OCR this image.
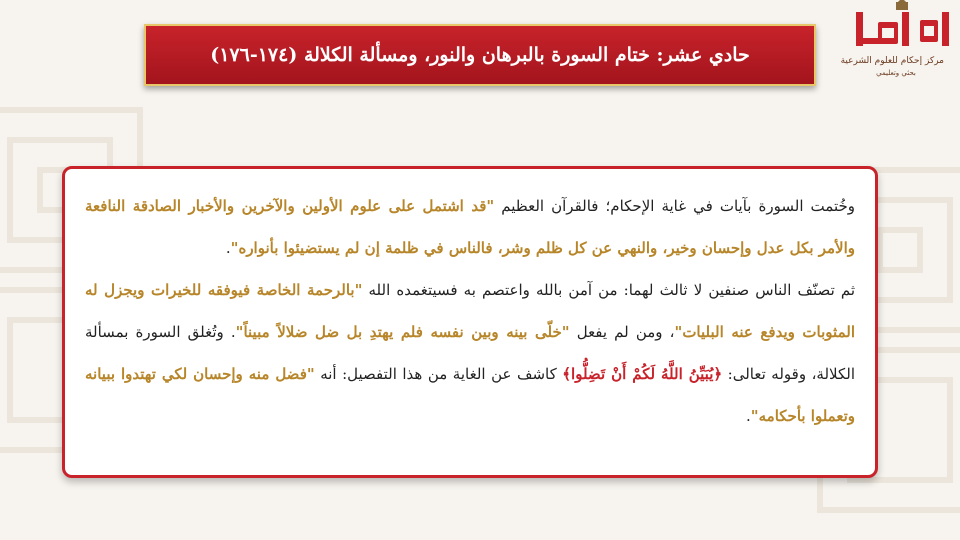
مركز إحكام للعلوم الشرعية
بحثي وتعليمي
حادي عشر: ختام السورة بالبرهان والنور، ومسألة الكلالة (١٧٤-١٧٦)

وخُتمت السورة بآيات في غاية الإحكام؛ فالقرآن العظيم "قد اشتمل على علوم الأولين والآخرين والأخبار الصادقة النافعة والأمر بكل عدل وإحسان وخير، والنهي عن كل ظلم وشر، فالناس في ظلمة إن لم يستضيئوا بأنواره".

ثم تصنّف الناس صنفين لا ثالث لهما: من آمن بالله واعتصم به فسيتغمده الله "بالرحمة الخاصة فيوفقه للخيرات ويجزل له المثوبات ويدفع عنه البليات"، ومن لم يفعل "خلّى بينه وبين نفسه فلم يهتدِ بل ضل ضلالاً مبيناً". وتُغلق السورة بمسألة الكلالة، وقوله تعالى: ﴿يُبَيِّنُ اللَّهُ لَكُمْ أَنْ تَضِلُّوا﴾ كاشف عن الغاية من هذا التفصيل: أنه "فضل منه وإحسان لكي تهتدوا ببيانه وتعملوا بأحكامه".
